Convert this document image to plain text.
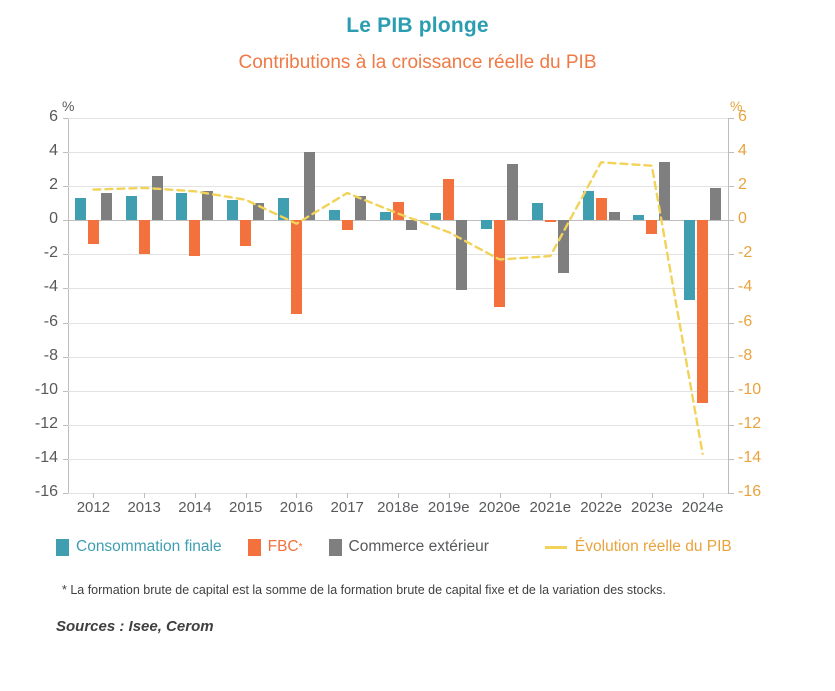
Le PIB plonge
Contributions à la croissance réelle du PIB
%	%
6
4
2
0
-2
-4
-6
-8
-10
-12
-14
-16
6
4
2
0
-2
-4
-6
-8
-10
-12
-14
-16
2012	2013	2014	2015	2016	2017 2018e 2019e 2020e 2021e 2022e 2023e 2024e
Consommation finale	FBC *	Commerce extérieur	Évolution réelle du PIB
* La formation brute de capital est la somme de la formation brute de capital fixe et de la variation des stocks.
Sources : Isee, Cerom
